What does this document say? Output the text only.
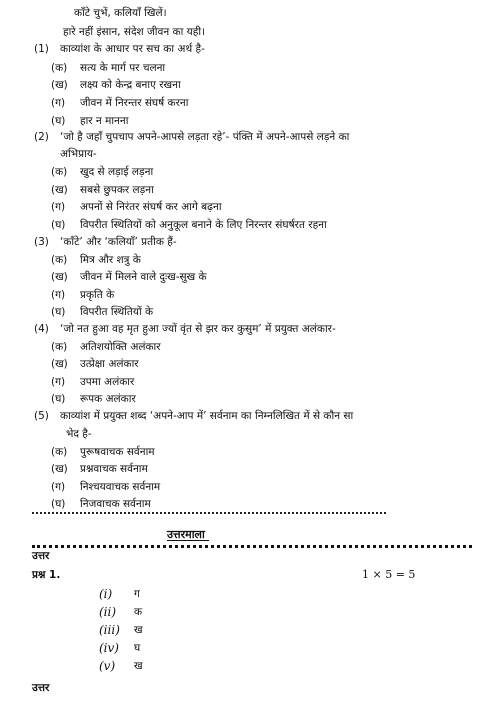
काँटे चुभें, कलियाँ खिलें।
हारे नहीं इंसान, संदेश जीवन का यही।
(1) काव्यांश के आधार पर सच का अर्थ है-
(क) सत्य के मार्ग पर चलना
(ख) लक्ष्य को केन्द्र बनाए रखना
(ग) जीवन में निरन्तर संघर्ष करना
(घ) हार न मानना
(2) ‘जो है जहाँ चुपचाप अपने-आपसे लड़ता रहे’- पंक्ति में अपने-आपसे लड़ने का
अभिप्राय-
(क) खुद से लड़ाई लड़ना
(ख) सबसे छुपकर लड़ना
(ग) अपनों से निरंतर संघर्ष कर आगे बढ़ना
(घ) विपरीत स्थितियों को अनुकूल बनाने के लिए निरन्तर संघर्षरत रहना
(3) ‘काँटे’ और ‘कलियाँ’ प्रतीक हैं-
(क) मित्र और शत्रु के
(ख) जीवन में मिलने वाले दुःख-सुख के
(ग) प्रकृति के
(घ) विपरीत स्थितियों के
(4) ‘जो नत हुआ वह मृत हुआ ज्यों वृंत से झर कर कुसुम’ में प्रयुक्त अलंकार-
(क) अतिशयोक्ति अलंकार
(ख) उत्प्रेक्षा अलंकार
(ग) उपमा अलंकार
(घ) रूपक अलंकार
(5) काव्यांश में प्रयुक्त शब्द ‘अपने-आप में’ सर्वनाम का निम्नलिखित में से कौन सा
भेद है-
(क) पुरूषवाचक सर्वनाम
(ख) प्रश्नवाचक सर्वनाम
(ग) निश्चयवाचक सर्वनाम
(घ) निजवाचक सर्वनाम
उत्तरमाला
उत्तर
प्रश्न 1.	1 × 5 = 5
(i) ग
(ii) क
(iii) ख
(iv) घ
(v) ख
उत्तर
